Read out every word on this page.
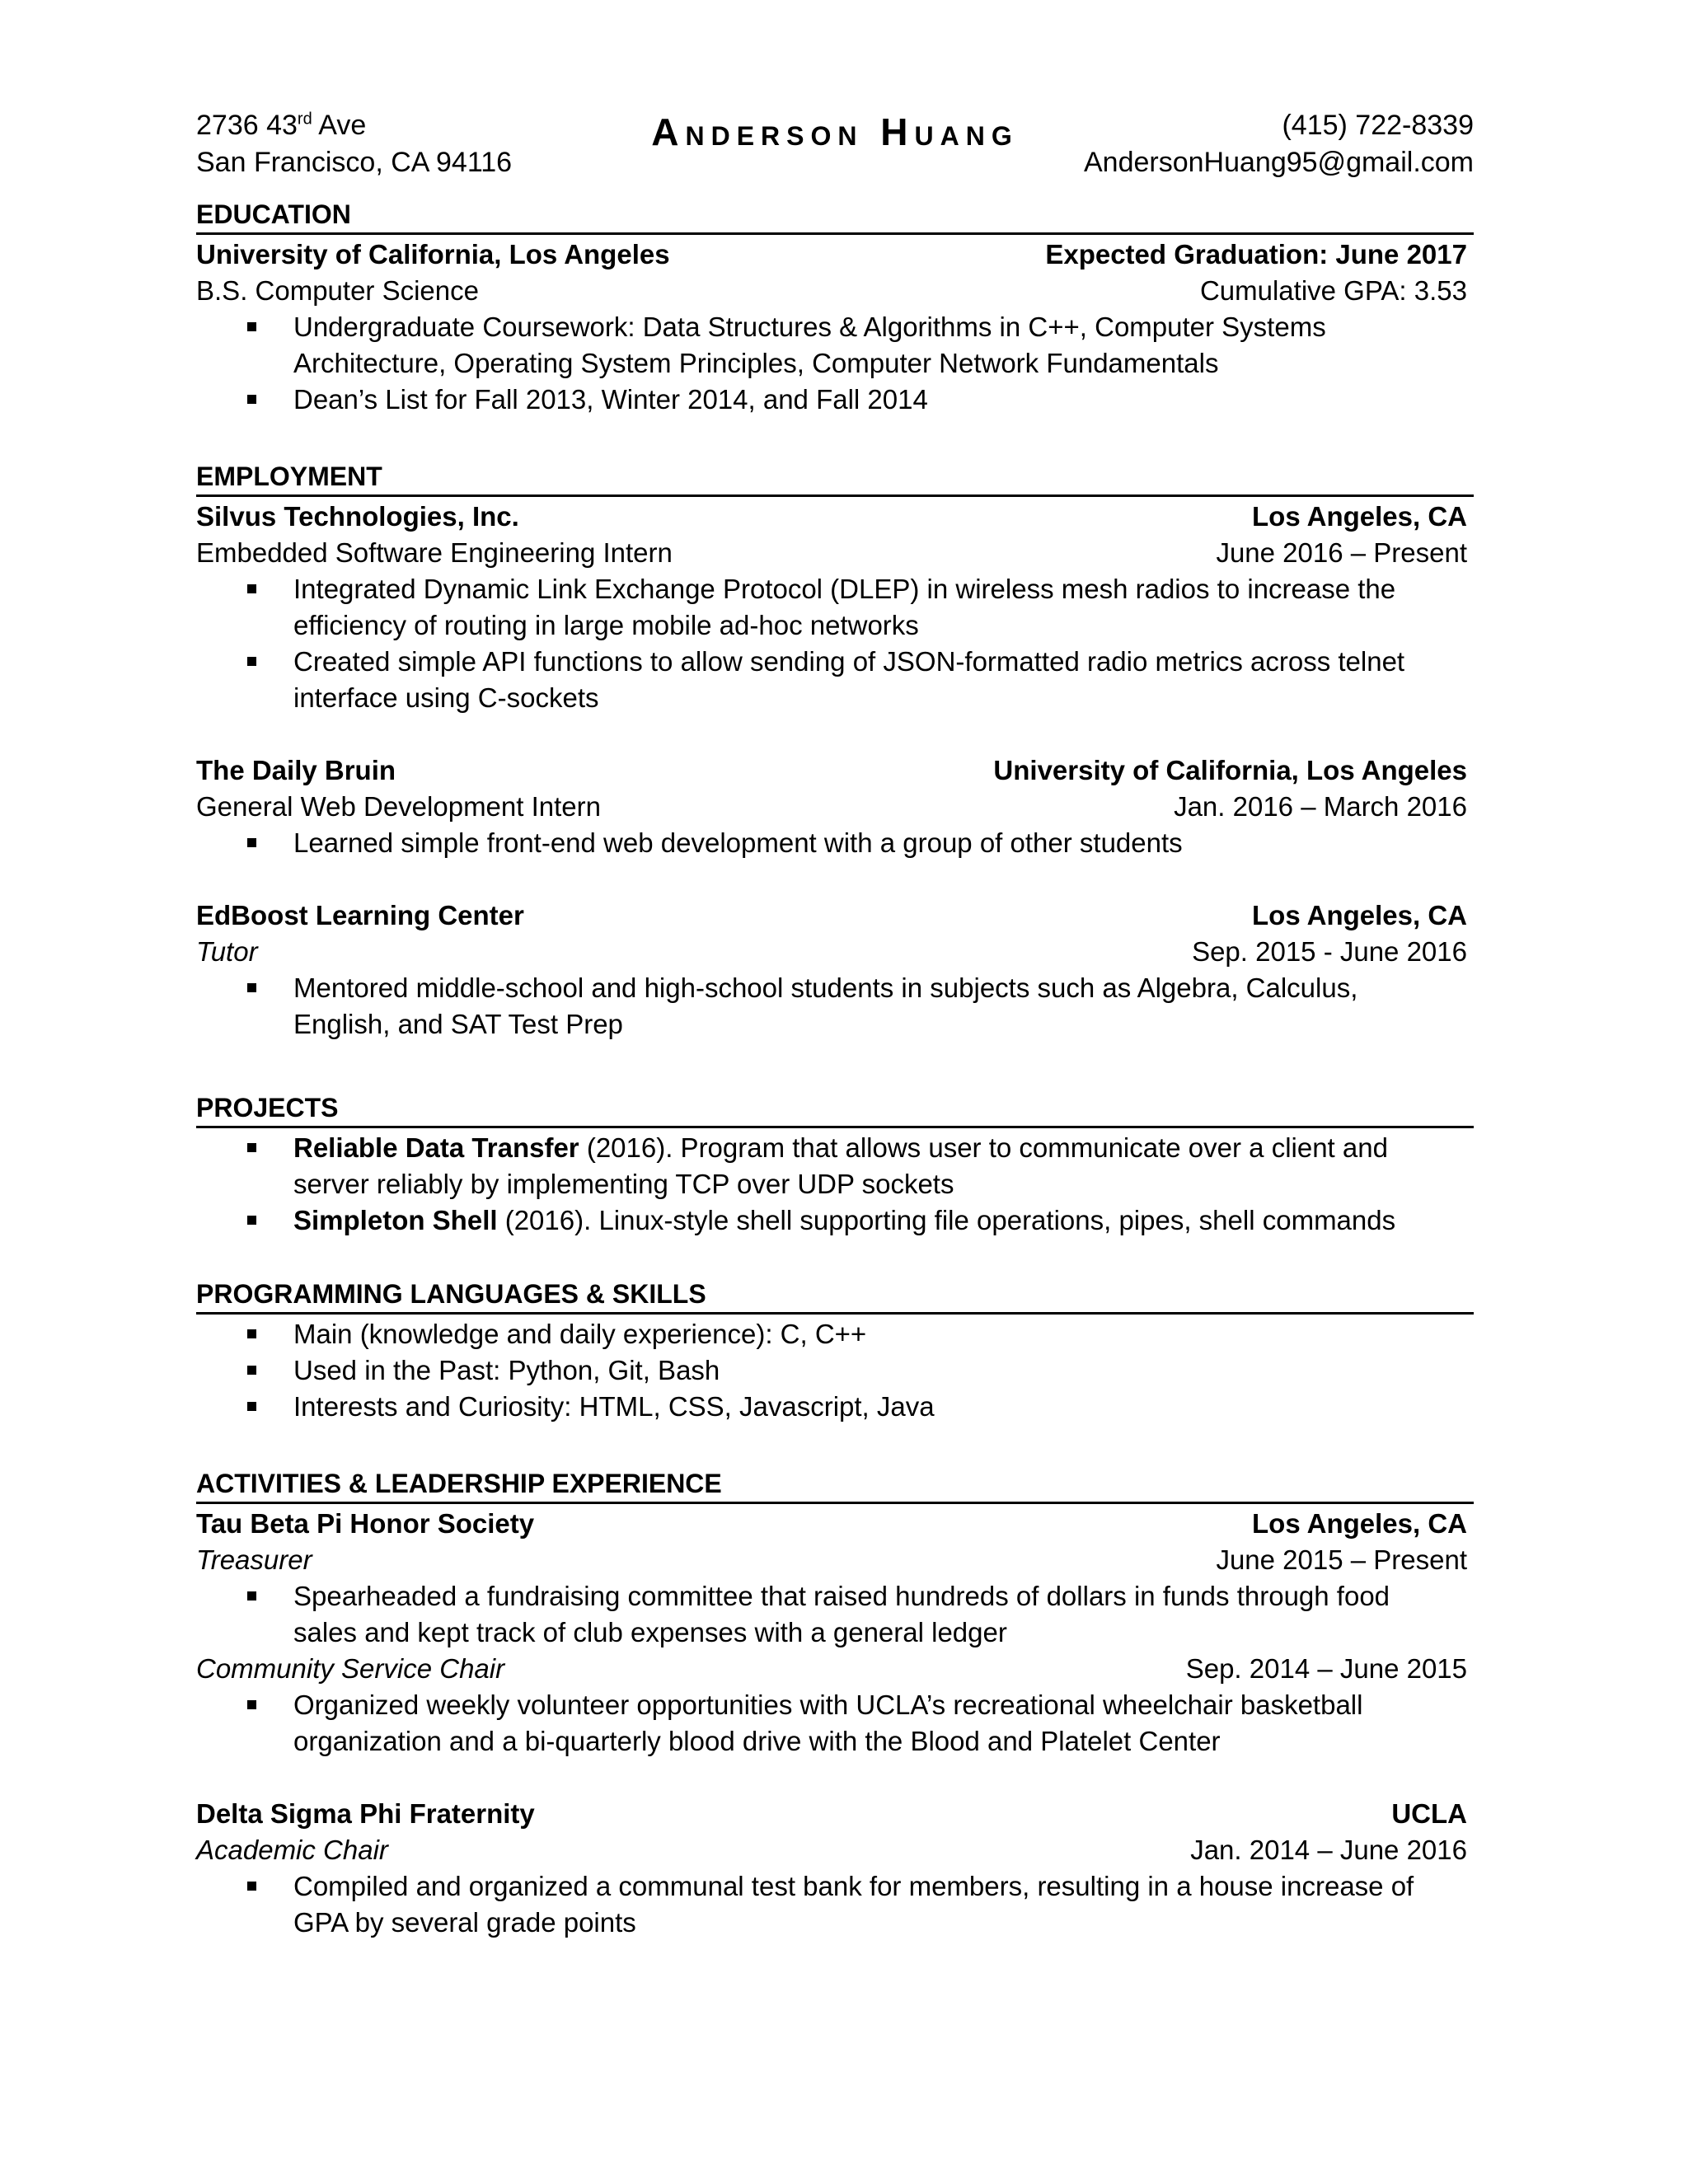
2736 43rd Ave
San Francisco, CA 94116
Anderson Huang	(415) 722-8339
AndersonHuang95@gmail.com
EDUCATION
University of California, Los Angeles	Expected Graduation: June 2017
B.S. Computer Science	Cumulative GPA: 3.53
Undergraduate Coursework: Data Structures & Algorithms in C++, Computer Systems Architecture, Operating System Principles, Computer Network Fundamentals
Dean’s List for Fall 2013, Winter 2014, and Fall 2014
EMPLOYMENT
Silvus Technologies, Inc.	Los Angeles, CA
Embedded Software Engineering Intern	June 2016 – Present
Integrated Dynamic Link Exchange Protocol (DLEP) in wireless mesh radios to increase the efficiency of routing in large mobile ad-hoc networks
Created simple API functions to allow sending of JSON-formatted radio metrics across telnet interface using C-sockets
The Daily Bruin	University of California, Los Angeles
General Web Development Intern	Jan. 2016 – March 2016
Learned simple front-end web development with a group of other students
EdBoost Learning Center	Los Angeles, CA
Tutor	Sep. 2015 - June 2016
Mentored middle-school and high-school students in subjects such as Algebra, Calculus, English, and SAT Test Prep
PROJECTS
Reliable Data Transfer (2016). Program that allows user to communicate over a client and server reliably by implementing TCP over UDP sockets
Simpleton Shell (2016). Linux-style shell supporting file operations, pipes, shell commands
PROGRAMMING LANGUAGES & SKILLS
Main (knowledge and daily experience): C, C++
Used in the Past: Python, Git, Bash
Interests and Curiosity: HTML, CSS, Javascript, Java
ACTIVITIES & LEADERSHIP EXPERIENCE
Tau Beta Pi Honor Society	Los Angeles, CA
Treasurer	June 2015 – Present
Spearheaded a fundraising committee that raised hundreds of dollars in funds through food sales and kept track of club expenses with a general ledger
Community Service Chair	Sep. 2014 – June 2015
Organized weekly volunteer opportunities with UCLA’s recreational wheelchair basketball organization and a bi-quarterly blood drive with the Blood and Platelet Center
Delta Sigma Phi Fraternity	UCLA
Academic Chair	Jan. 2014 – June 2016
Compiled and organized a communal test bank for members, resulting in a house increase of GPA by several grade points
